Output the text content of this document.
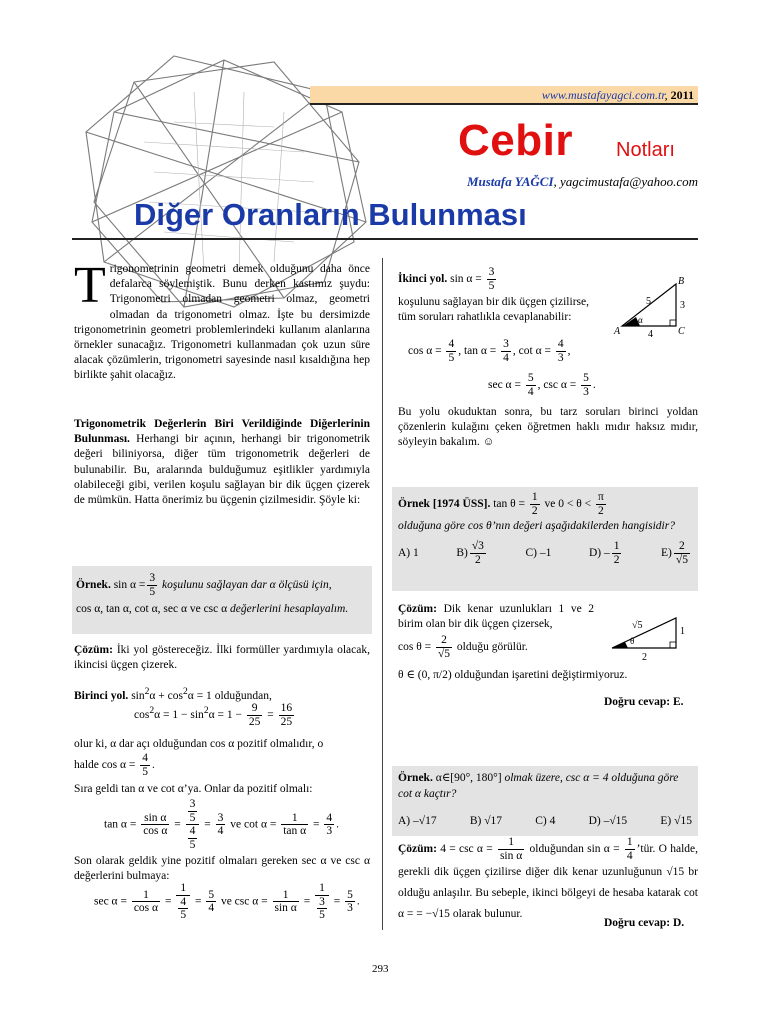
www.mustafayagci.com.tr, 2011
Cebir Notları
Mustafa YAĞCI, yagcimustafa@yahoo.com
Diğer Oranların Bulunması
T rigonometrinin geometri demek olduğunu daha önce defalarca söylemiştik. Bunu derken kastımız şuydu: Trigonometri olmadan geometri olmaz, geometri olmadan da trigonometri olmaz. İşte bu dersimizde trigonometrinin geometri problemlerindeki kullanım alanlarına örnekler sunacağız. Trigonometri kullanmadan çok uzun süre alacak çözümlerin, trigonometri sayesinde nasıl kısaldığına hep birlikte şahit olacağız.
Trigonometrik Değerlerin Biri Verildiğinde Diğerlerinin Bulunması. Herhangi bir açının, herhangi bir trigonometrik değeri biliniyorsa, diğer tüm trigonometrik değerleri de bulunabilir. Bu, aralarında bulduğumuz eşitlikler yardımıyla olabileceği gibi, verilen koşulu sağlayan bir dik üçgen çizerek de mümkün. Hatta önerimiz bu üçgenin çizilmesidir. Şöyle ki:
Örnek. $\sin \alpha = \frac{3}{5}$ koşulunu sağlayan dar α ölçüsü için,
cos α, tan α, cot α, sec α ve csc α değerlerini hesaplayalım.
Çözüm: İki yol göstereceğiz. İlki formüller yardımıyla olacak, ikincisi üçgen çizerek.
Birinci yol. $\sin^2\alpha + \cos^2\alpha = 1$ olduğundan,
$\cos^2\alpha = 1 - \sin^2\alpha = 1 - \frac{9}{25} = \frac{16}{25}$
olur ki, α dar açı olduğundan cos α pozitif olmalıdır, o
halde $\cos \alpha = \frac{4}{5}$ .
Sıra geldi tan α ve cot α’ya. Onlar da pozitif olmalı:
$\tan \alpha = \frac{\text{sin α}}{\text{cos α}} = \frac{\frac{3}{5}}{\frac{4}{5}} = \frac{3}{4}$ ve $\cot \alpha = \frac{1}{\text{tan α}} = \frac{4}{3}$ .
Son olarak geldik yine pozitif olmaları gereken sec α ve csc α değerlerini bulmaya:
$\sec \alpha = \frac{1}{\text{cos α}} = \frac{1}{\frac{4}{5}} = \frac{5}{4}$ ve $\csc \alpha = \frac{1}{\text{sin α}} = \frac{1}{\frac{3}{5}} = \frac{5}{3}$ .
İkinci yol. $\sin \alpha = \frac{3}{5}$
koşulunu sağlayan bir dik üçgen çizilirse, tüm soruları rahatlıkla cevaplanabilir:
A	C
B
5	3
4
α
$\cos \alpha = \frac{4}{5}$ , $\tan \alpha = \frac{3}{4}$ , $\cot \alpha = \frac{4}{3}$ ,
$\sec \alpha = \frac{5}{4}$ , $\csc \alpha = \frac{5}{3}$ .
Bu yolu okuduktan sonra, bu tarz soruları birinci yoldan çözenlerin kulağını çeken öğretmen haklı mıdır haksız mıdır, söyleyin bakalım. ☺
Örnek [1974 ÜSS]. $\tan \theta = \frac{1}{2}$ ve $0 < \theta < \frac{\pi}{2}$
olduğuna göre cos θ’nın değeri aşağıdakilerden hangisidir?
A) 1	$B) \frac{√3}{2}$	C) –1	$D) - \frac{1}{2}$	$E) \frac{2}{√5}$
Çözüm: Dik kenar uzunlukları 1 ve 2 birim olan bir dik üçgen çizersek,
$\cos \theta = \frac{2}{√5}$ olduğu görülür.
√5
1
2
θ
θ ∈ (0, π/2) olduğundan işaretini değiştirmiyoruz.
Doğru cevap: E.
Örnek. α∈[90°, 180°] olmak üzere, csc α = 4 olduğuna göre cot α kaçtır?
A) –√17	B) √17	C) 4	D) –√15	E) √15
Çözüm: $4 = \csc \alpha = \frac{1}{\text{sin α}}$ olduğundan $\sin \alpha = \frac{1}{4}$ ’tür. O halde, gerekli dik üçgen çizilirse diğer dik kenar uzunluğunun √15 br olduğu anlaşılır. Bu sebeple, ikinci bölgeyi de hesaba katarak cot α = = −√15 olarak bulunur.
Doğru cevap: D.
293
